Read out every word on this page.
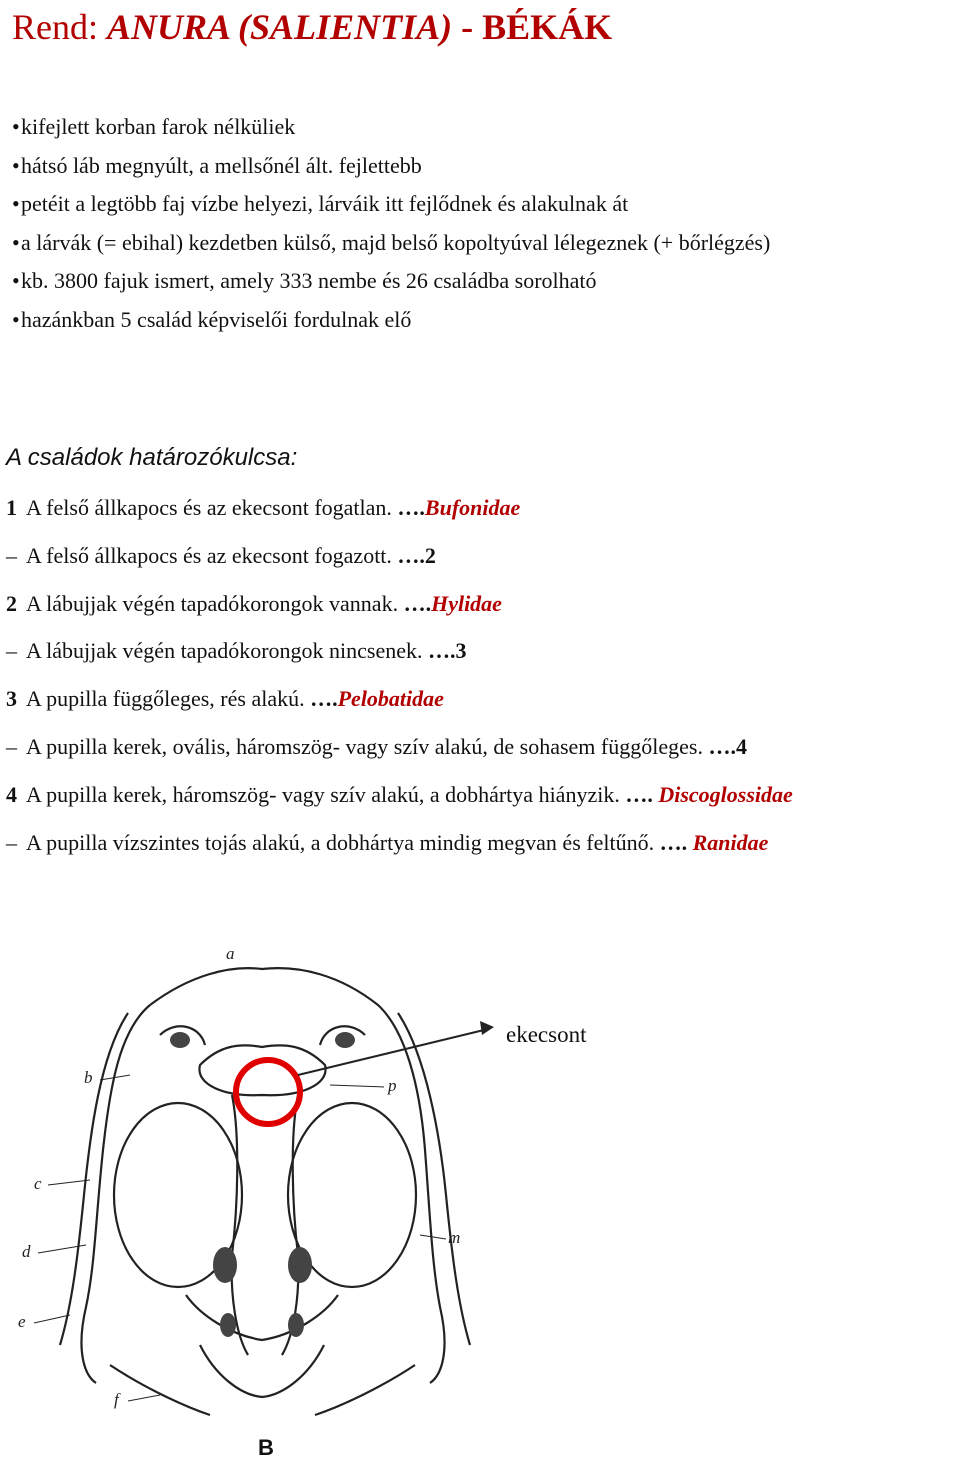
Rend: ANURA (SALIENTIA) - BÉKÁK
•kifejlett korban farok nélküliek
•hátsó láb megnyúlt, a mellsőnél ált. fejlettebb
•petéit a legtöbb faj vízbe helyezi, lárváik itt fejlődnek és alakulnak át
•a lárvák (= ebihal) kezdetben külső, majd belső kopoltyúval lélegeznek (+ bőrlégzés)
•kb. 3800 fajuk ismert, amely 333 nembe és 26 családba sorolható
•hazánkban 5 család képviselői fordulnak elő
A családok határozókulcsa:
1 A felső állkapocs és az ekecsont fogatlan. ….Bufonidae
– A felső állkapocs és az ekecsont fogazott. ….2
2 A lábujjak végén tapadókorongok vannak. ….Hylidae
– A lábujjak végén tapadókorongok nincsenek. ….3
3 A pupilla függőleges, rés alakú. ….Pelobatidae
– A pupilla kerek, ovális, háromszög- vagy szív alakú, de sohasem függőleges. ….4
4 A pupilla kerek, háromszög- vagy szív alakú, a dobhártya hiányzik. …. Discoglossidae
– A pupilla vízszintes tojás alakú, a dobhártya mindig megvan és feltűnő. …. Ranidae
a
b
c
d
e
f
p
m
B
ekecsont
